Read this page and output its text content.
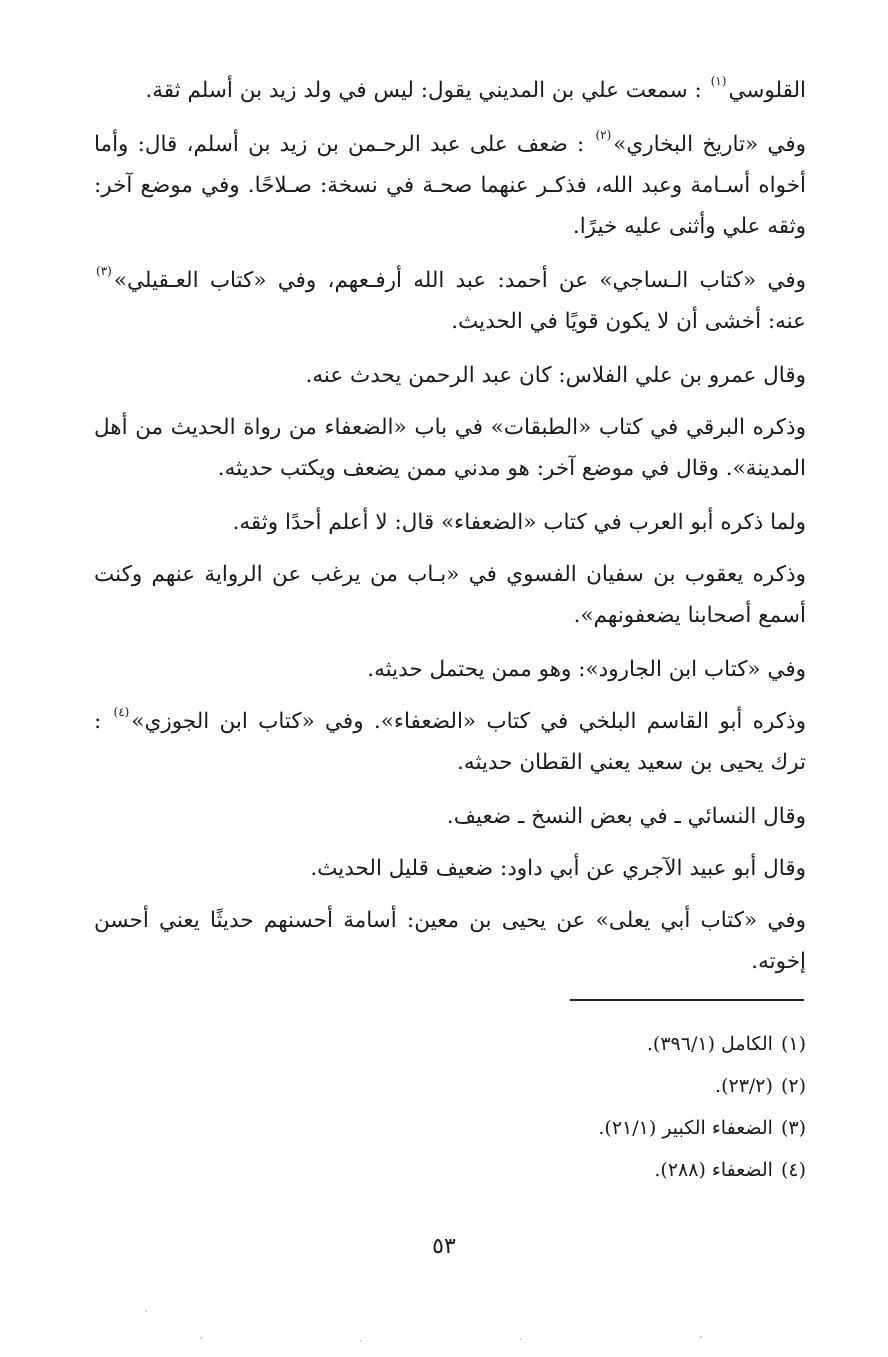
القلوسي$^{(١)}$ : سمعت علي بن المديني يقول: ليس في ولد زيد بن أسلم ثقة.

وفي «تاريخ البخاري»$^{(٢)}$ : ضعف على عبد الرحـمن بن زيد بن أسلم، قال: وأما أخواه أسـامة وعبد الله، فذكـر عنهما صحـة في نسخة: صـلاحًا. وفي موضع آخر: وثقه علي وأثنى عليه خيرًا.

وفي «كتاب الـساجي» عن أحمد: عبد الله أرفـعهم، وفي «كتاب العـقيلي»$^{(٣)}$ عنه: أخشى أن لا يكون قويًا في الحديث.

وقال عمرو بن علي الفلاس: كان عبد الرحمن يحدث عنه.

وذكره البرقي في كتاب «الطبقات» في باب «الضعفاء من رواة الحديث من أهل المدينة». وقال في موضع آخر: هو مدني ممن يضعف ويكتب حديثه.

ولما ذكره أبو العرب في كتاب «الضعفاء» قال: لا أعلم أحدًا وثقه.

وذكره يعقوب بن سفيان الفسوي في «بـاب من يرغب عن الرواية عنهم وكنت أسمع أصحابنا يضعفونهم».

وفي «كتاب ابن الجارود»: وهو ممن يحتمل حديثه.

وذكره أبو القاسم البلخي في كتاب «الضعفاء». وفي «كتاب ابن الجوزي»$^{(٤)}$ : ترك يحيى بن سعيد يعني القطان حديثه.

وقال النسائي ـ في بعض النسخ ـ ضعيف.

وقال أبو عبيد الآجري عن أبي داود: ضعيف قليل الحديث.

وفي «كتاب أبي يعلى» عن يحيى بن معين: أسامة أحسنهم حديثًا يعني أحسن إخوته.

(١)الكامل (٣٩٦/١).

(٢)(٢٣/٢).

(٣)الضعفاء الكبير (٢١/١).

(٤)الضعفاء (٢٨٨).

٥٣
